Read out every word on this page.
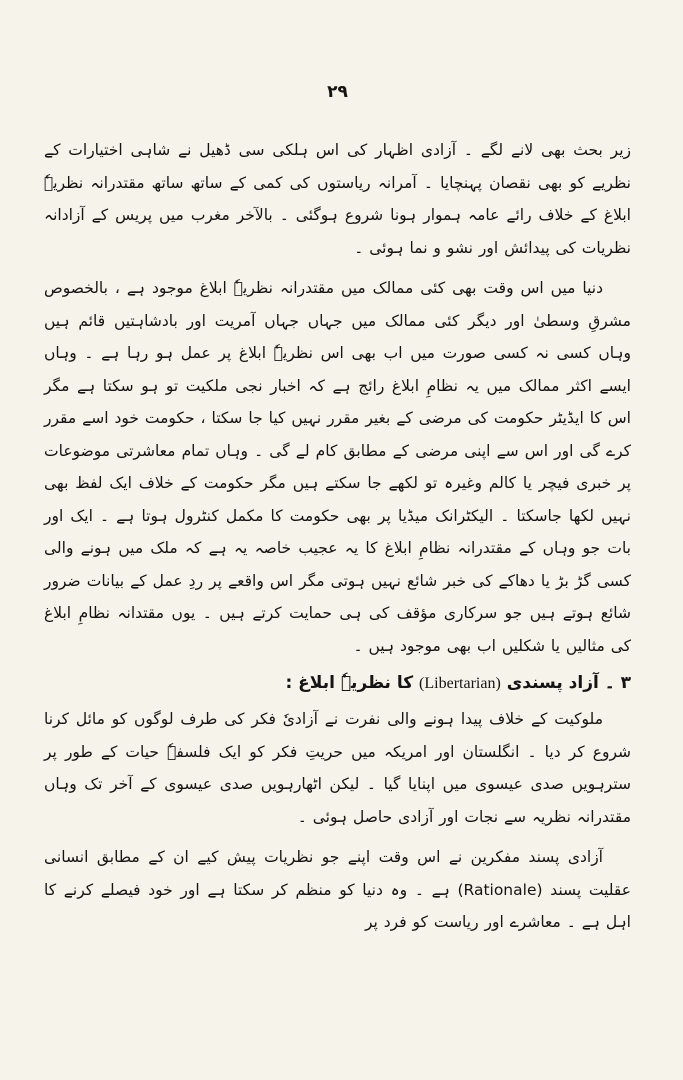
۲۹

زیر بحث بھی لانے لگے ۔ آزادی اظہار کی اس ہلکی سی ڈھیل نے شاہی اختیارات کے نظریے کو بھی نقصان پہنچایا ۔ آمرانہ ریاستوں کی کمی کے ساتھ ساتھ مقتدرانہ نظریہٗ ابلاغ کے خلاف رائے عامہ ہموار ہونا شروع ہوگئی ۔ بالآخر مغرب میں پریس کے آزادانہ نظریات کی پیدائش اور نشو و نما ہوئی ۔

دنیا میں اس وقت بھی کئی ممالک میں مقتدرانہ نظریہٗ ابلاغ موجود ہے ، بالخصوص مشرقِ وسطیٰ اور دیگر کئی ممالک میں جہاں جہاں آمریت اور بادشاہتیں قائم ہیں وہاں کسی نہ کسی صورت میں اب بھی اس نظریہٗ ابلاغ پر عمل ہو رہا ہے ۔ وہاں ایسے اکثر ممالک میں یہ نظامِ ابلاغ رائج ہے کہ اخبار نجی ملکیت تو ہو سکتا ہے مگر اس کا ایڈیٹر حکومت کی مرضی کے بغیر مقرر نہیں کیا جا سکتا ، حکومت خود اسے مقرر کرے گی اور اس سے اپنی مرضی کے مطابق کام لے گی ۔ وہاں تمام معاشرتی موضوعات پر خبری فیچر یا کالم وغیرہ تو لکھے جا سکتے ہیں مگر حکومت کے خلاف ایک لفظ بھی نہیں لکھا جاسکتا ۔ الیکٹرانک میڈیا پر بھی حکومت کا مکمل کنٹرول ہوتا ہے ۔ ایک اور بات جو وہاں کے مقتدرانہ نظامِ ابلاغ کا یہ عجیب خاصہ یہ ہے کہ ملک میں ہونے والی کسی گڑ بڑ یا دھاکے کی خبر شائع نہیں ہوتی مگر اس واقعے پر ردِ عمل کے بیانات ضرور شائع ہوتے ہیں جو سرکاری مؤقف کی ہی حمایت کرتے ہیں ۔ یوں مقتدانہ نظامِ ابلاغ کی مثالیں یا شکلیں اب بھی موجود ہیں ۔

۳ ۔ آزاد پسندی (Libertarian) کا نظریہٗ ابلاغ :

ملوکیت کے خلاف پیدا ہونے والی نفرت نے آزادیٗ فکر کی طرف لوگوں کو مائل کرنا شروع کر دیا ۔ انگلستان اور امریکہ میں حریتِ فکر کو ایک فلسفہٗ حیات کے طور پر سترہویں صدی عیسوی میں اپنایا گیا ۔ لیکن اٹھارہویں صدی عیسوی کے آخر تک وہاں مقتدرانہ نظریہ سے نجات اور آزادی حاصل ہوئی ۔

آزادی پسند مفکرین نے اس وقت اپنے جو نظریات پیش کیے ان کے مطابق انسانی عقلیت پسند (Rationale) ہے ۔ وہ دنیا کو منظم کر سکتا ہے اور خود فیصلے کرنے کا اہل ہے ۔ معاشرے اور ریاست کو فرد پر
